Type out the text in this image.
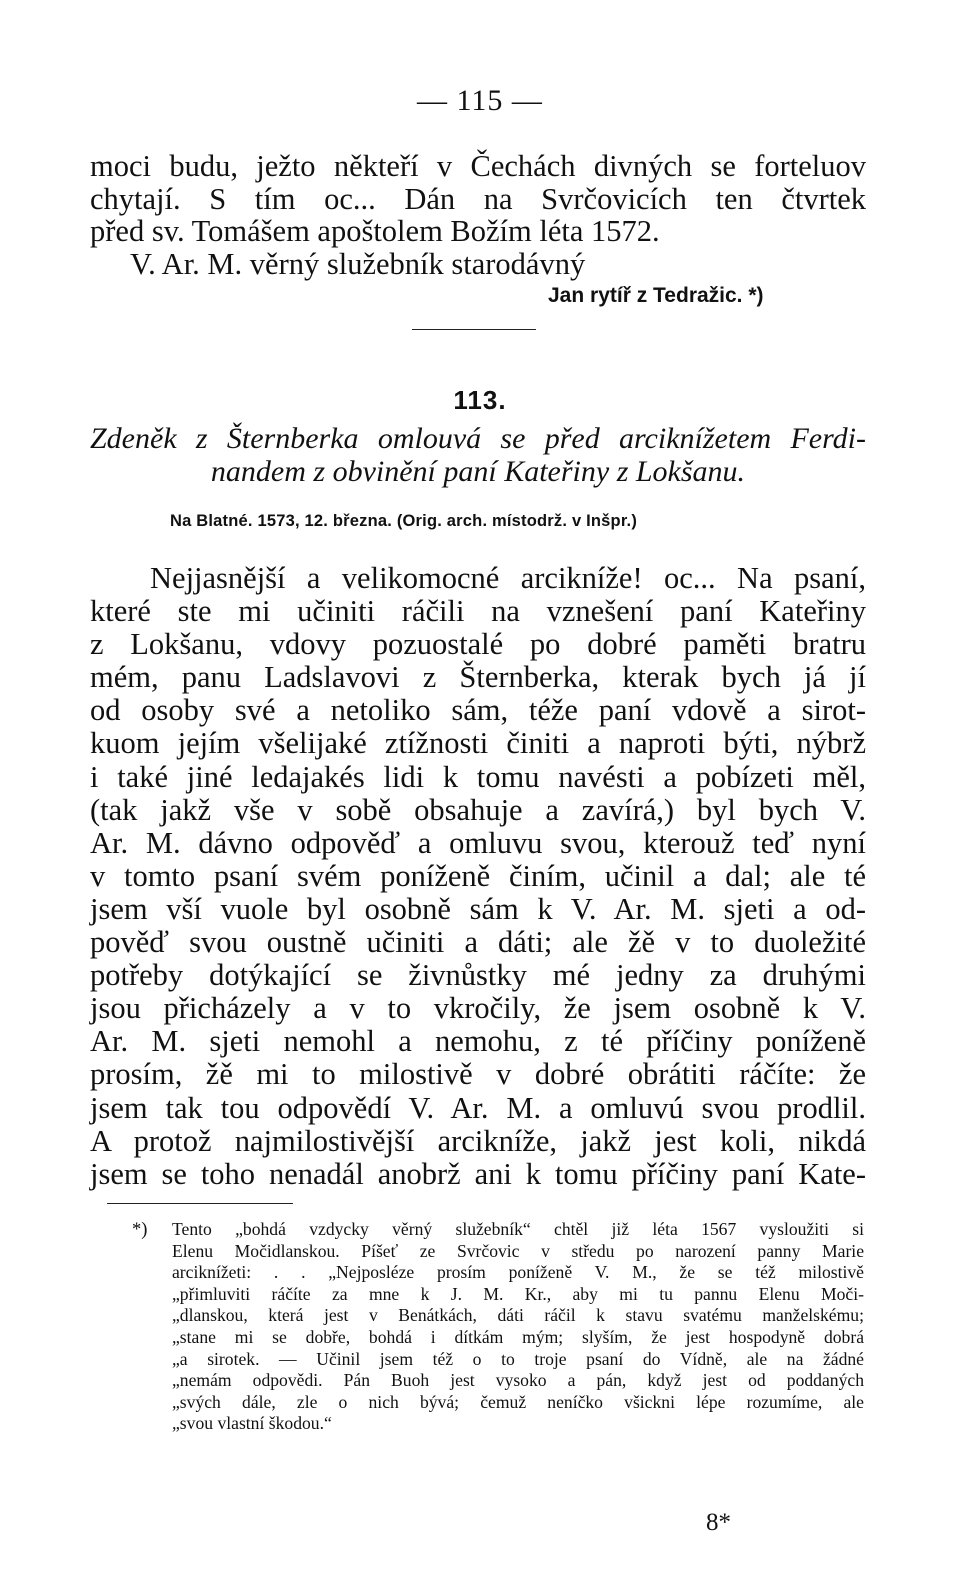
— 115 —
moci budu, ježto někteří v Čechách divných se forteluov
chytají. S tím oc... Dán na Svrčovicích ten čtvrtek
před sv. Tomášem apoštolem Božím léta 1572.
V. Ar. M. věrný služebník starodávný
Jan rytíř z Tedražic. *)
113.
Zdeněk z Šternberka omlouvá se před arciknížetem Ferdi-
nandem z obvinění paní Kateřiny z Lokšanu.
Na Blatné. 1573, 12. března. (Orig. arch. místodrž. v Inšpr.)
Nejjasnější a velikomocné arcikníže! oc... Na psaní,
které ste mi učiniti ráčili na vznešení paní Kateřiny
z Lokšanu, vdovy pozuostalé po dobré paměti bratru
mém, panu Ladslavovi z Šternberka, kterak bych já jí
od osoby své a netoliko sám, téže paní vdově a sirot-
kuom jejím všelijaké ztížnosti činiti a naproti býti, nýbrž
i také jiné ledajakés lidi k tomu navésti a pobízeti měl,
(tak jakž vše v sobě obsahuje a zavírá,) byl bych V.
Ar. M. dávno odpověď a omluvu svou, kterouž teď nyní
v tomto psaní svém poníženě činím, učinil a dal; ale té
jsem vší vuole byl osobně sám k V. Ar. M. sjeti a od-
pověď svou oustně učiniti a dáti; ale žě v to duoležité
potřeby dotýkající se živnůstky mé jedny za druhými
jsou přicházely a v to vkročily, že jsem osobně k V.
Ar. M. sjeti nemohl a nemohu, z té příčiny poníženě
prosím, žě mi to milostivě v dobré obrátiti ráčíte: že
jsem tak tou odpovědí V. Ar. M. a omluvú svou prodlil.
A protož najmilostivější arcikníže, jakž jest koli, nikdá
jsem se toho nenadál anobrž ani k tomu příčiny paní Kate-
*) Tento „bohdá vzdycky věrný služebník“ chtěl již léta 1567 vysloužiti si
Elenu Močidlanskou. Píšeť ze Svrčovic v středu po narození panny Marie
arciknížeti: . . „Nejposléze prosím poníženě V. M., že se též milostivě
„přimluviti ráčíte za mne k J. M. Kr., aby mi tu pannu Elenu Moči-
„dlanskou, která jest v Benátkách, dáti ráčil k stavu svatému manželskému;
„stane mi se dobře, bohdá i dítkám mým; slyším, že jest hospodyně dobrá
„a sirotek. — Učinil jsem též o to troje psaní do Vídně, ale na žádné
„nemám odpovědi. Pán Buoh jest vysoko a pán, když jest od poddaných
„svých dále, zle o nich bývá; čemuž neníčko všickni lépe rozumíme, ale
„svou vlastní škodou.“
8*
